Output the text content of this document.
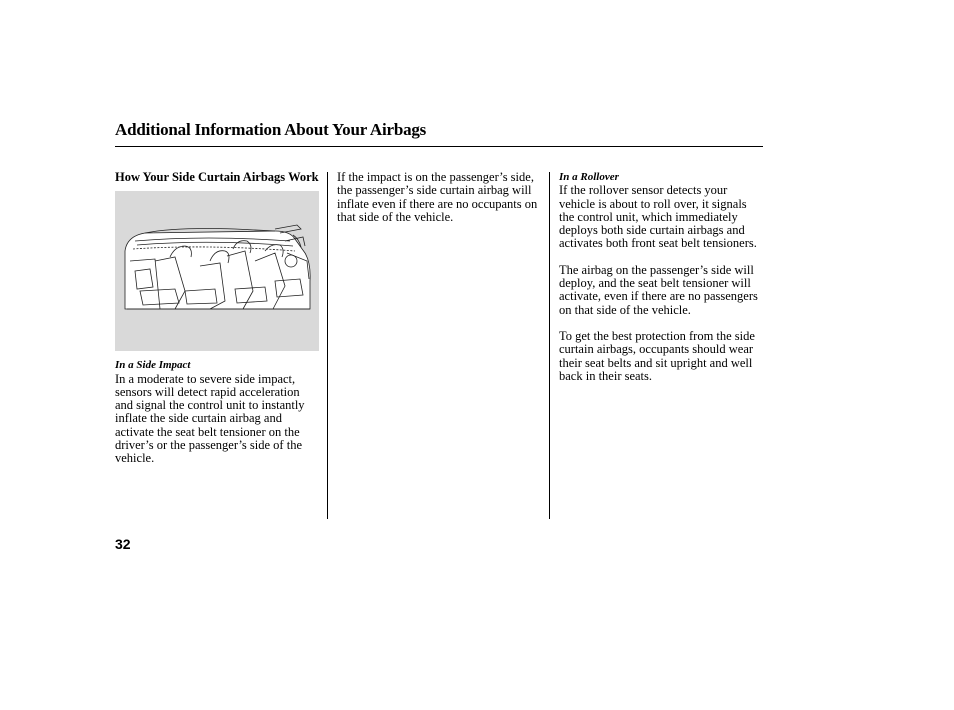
Additional Information About Your Airbags

How Your Side Curtain Airbags Work

In a Side Impact

In a moderate to severe side impact, sensors will detect rapid acceleration and signal the control unit to instantly inflate the side curtain airbag and activate the seat belt tensioner on the driver’s or the passenger’s side of the vehicle.

If the impact is on the passenger’s side, the passenger’s side curtain airbag will inflate even if there are no occupants on that side of the vehicle.

In a Rollover

If the rollover sensor detects your vehicle is about to roll over, it signals the control unit, which immediately deploys both side curtain airbags and activates both front seat belt tensioners.

The airbag on the passenger’s side will deploy, and the seat belt tensioner will activate, even if there are no passengers on that side of the vehicle.

To get the best protection from the side curtain airbags, occupants should wear their seat belts and sit upright and well back in their seats.

32
